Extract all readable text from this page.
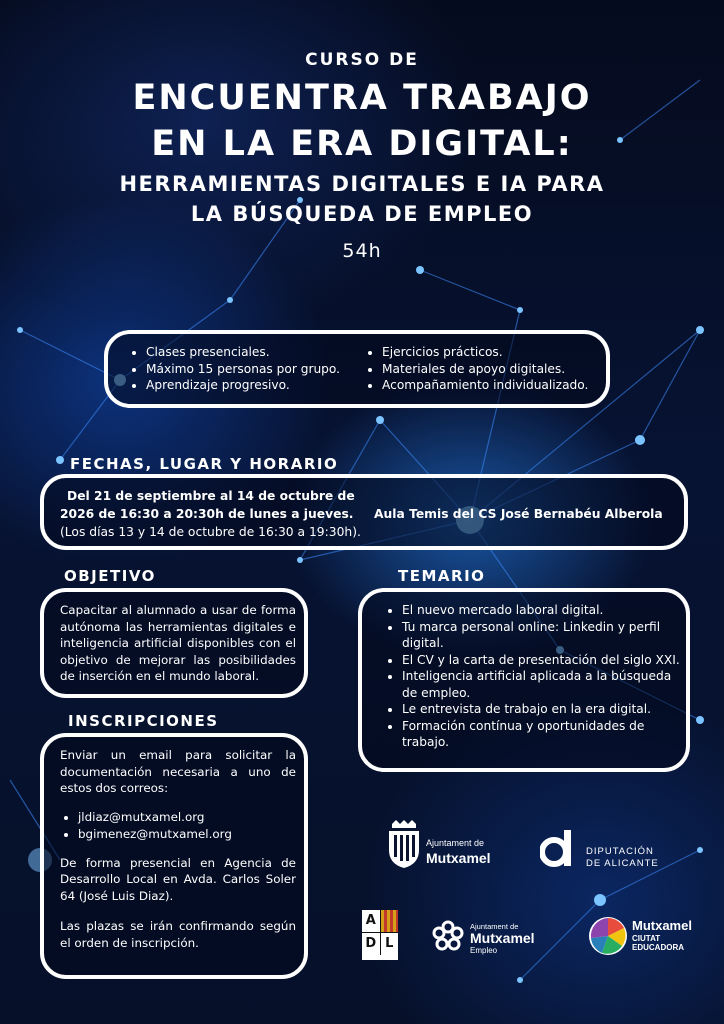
CURSO DE
ENCUENTRA TRABAJO
EN LA ERA DIGITAL:
HERRAMIENTAS DIGITALES E IA PARA
LA BÚSQUEDA DE EMPLEO
54h
• Clases presenciales.
• Máximo 15 personas por grupo.
• Aprendizaje progresivo.
• Ejercicios prácticos.
• Materiales de apoyo digitales.
• Acompañamiento individualizado.
FECHAS, LUGAR Y HORARIO
Del 21 de septiembre al 14 de octubre de
2026 de 16:30 a 20:30h de lunes a jueves.
(Los días 13 y 14 de octubre de 16:30 a 19:30h).
Aula Temis del CS José Bernabéu Alberola
OBJETIVO

Capacitar al alumnado a usar de forma autónoma las herramientas digitales e inteligencia artificial disponibles con el objetivo de mejorar las posibilidades de inserción en el mundo laboral.

TEMARIO
• El nuevo mercado laboral digital.
• Tu marca personal online: Linkedin y perfil digital.
• El CV y la carta de presentación del siglo XXI.
• Inteligencia artificial aplicada a la búsqueda de empleo.
• Le entrevista de trabajo en la era digital.
• Formación contínua y oportunidades de trabajo.
INSCRIPCIONES

Enviar un email para solicitar la documentación necesaria a uno de estos dos correos:

• jldiaz@mutxamel.org
• bgimenez@mutxamel.org

De forma presencial en Agencia de Desarrollo Local en Avda. Carlos Soler 64 (José Luis Diaz).

Las plazas se irán confirmando según el orden de inscripción.

Ajuntament de
Mutxamel	DIPUTACIÓN
DE ALICANTE
A
D L
Ajuntament de
Mutxamel
Empleo
Mutxamel
CIUTAT
EDUCADORA
